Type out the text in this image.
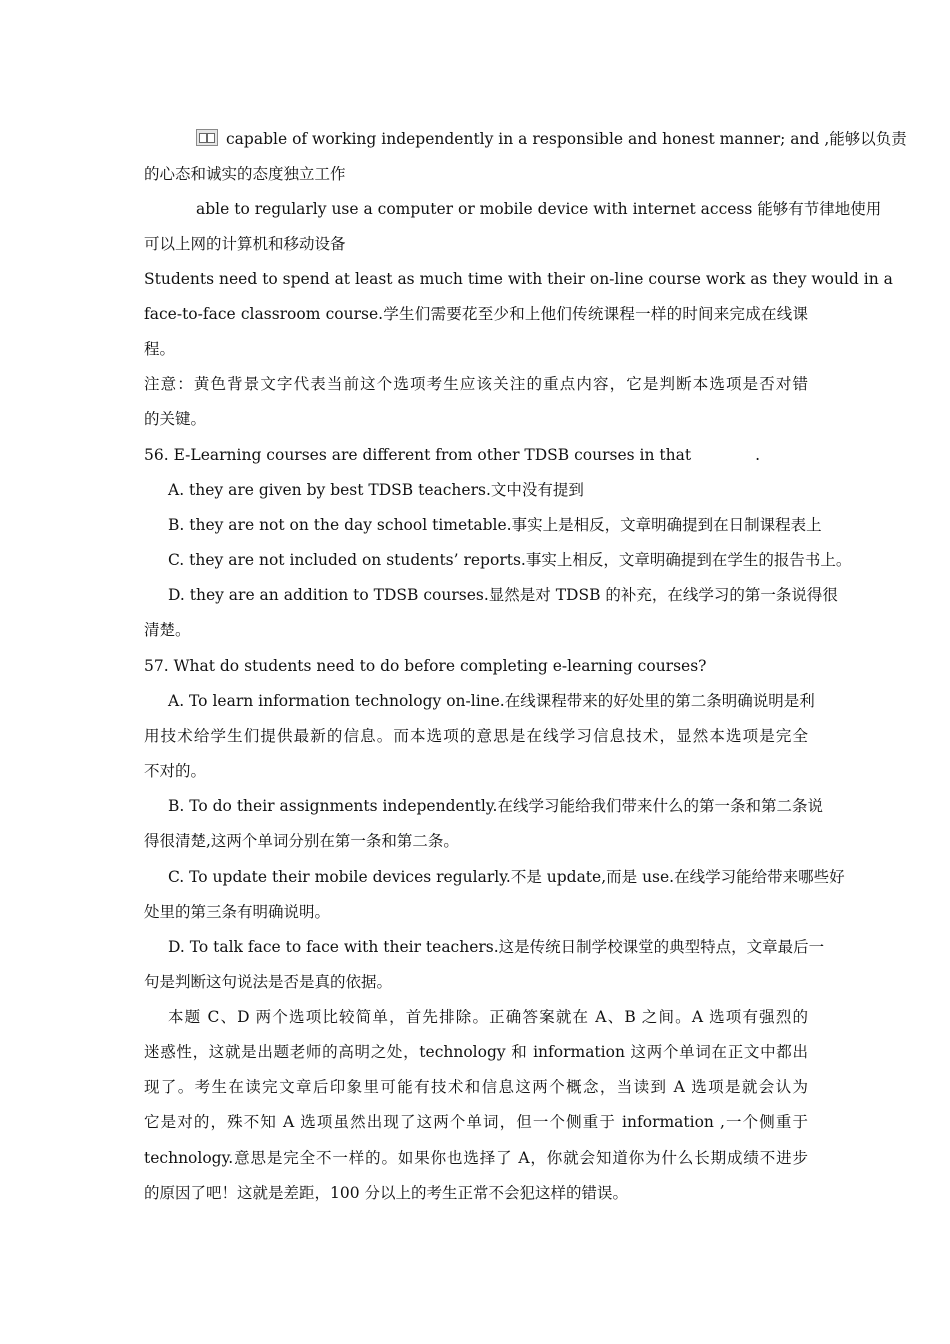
capable of working independently in a responsible and honest manner; and ,能够以负责
的心态和诚实的态度独立工作
able to regularly use a computer or mobile device with internet access 能够有节律地使用
可以上网的计算机和移动设备
Students need to spend at least as much time with their on-line course work as they would in a
face-to-face classroom course.学生们需要花至少和上他们传统课程一样的时间来完成在线课
程。
注意：黄色背景文字代表当前这个选项考生应该关注的重点内容，它是判断本选项是否对错
的关键。
56. E-Learning courses are different from other TDSB courses in that	.
A. they are given by best TDSB teachers.文中没有提到
B. they are not on the day school timetable.事实上是相反，文章明确提到在日制课程表上
C. they are not included on students’ reports.事实上相反，文章明确提到在学生的报告书上。
D. they are an addition to TDSB courses.显然是对 TDSB 的补充，在线学习的第一条说得很
清楚。
57. What do students need to do before completing e-learning courses?
A. To learn information technology on-line.在线课程带来的好处里的第二条明确说明是利
用技术给学生们提供最新的信息。而本选项的意思是在线学习信息技术，显然本选项是完全
不对的。
B. To do their assignments independently.在线学习能给我们带来什么的第一条和第二条说
得很清楚,这两个单词分别在第一条和第二条。
C. To update their mobile devices regularly.不是 update,而是 use.在线学习能给带来哪些好
处里的第三条有明确说明。
D. To talk face to face with their teachers.这是传统日制学校课堂的典型特点，文章最后一
句是判断这句说法是否是真的依据。
本题 C、D 两个选项比较简单，首先排除。正确答案就在 A、B 之间。A 选项有强烈的
迷惑性，这就是出题老师的高明之处，technology 和 information 这两个单词在正文中都出
现了。考生在读完文章后印象里可能有技术和信息这两个概念，当读到 A 选项是就会认为
它是对的，殊不知 A 选项虽然出现了这两个单词，但一个侧重于 information ,一个侧重于
technology.意思是完全不一样的。如果你也选择了 A，你就会知道你为什么长期成绩不进步
的原因了吧！这就是差距，100 分以上的考生正常不会犯这样的错误。
